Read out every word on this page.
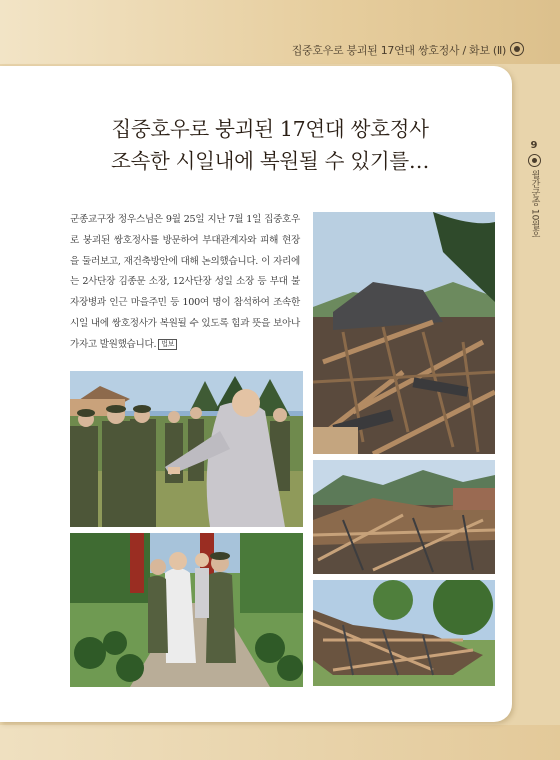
집중호우로 붕괴된 17연대 쌍호정사 / 화보 (Ⅱ)
9
월간군종 10월호
집중호우로 붕괴된 17연대 쌍호정사
조속한 시일내에 복원될 수 있기를…

군종교구장 정우스님은 9월 25일 지난 7월 1일 집중호우로 붕괴된 쌍호정사를 방문하여 부대관계자와 피해 현장을 둘러보고, 재건축방안에 대해 논의했습니다. 이 자리에는 2사단장 김종문 소장, 12사단장 성일 소장 등 부대 불자장병과 인근 마을주민 등 100여 명이 참석하여 조속한 시일 내에 쌍호정사가 복원될 수 있도록 힘과 뜻을 보아나가자고 발원했습니다. 법보
